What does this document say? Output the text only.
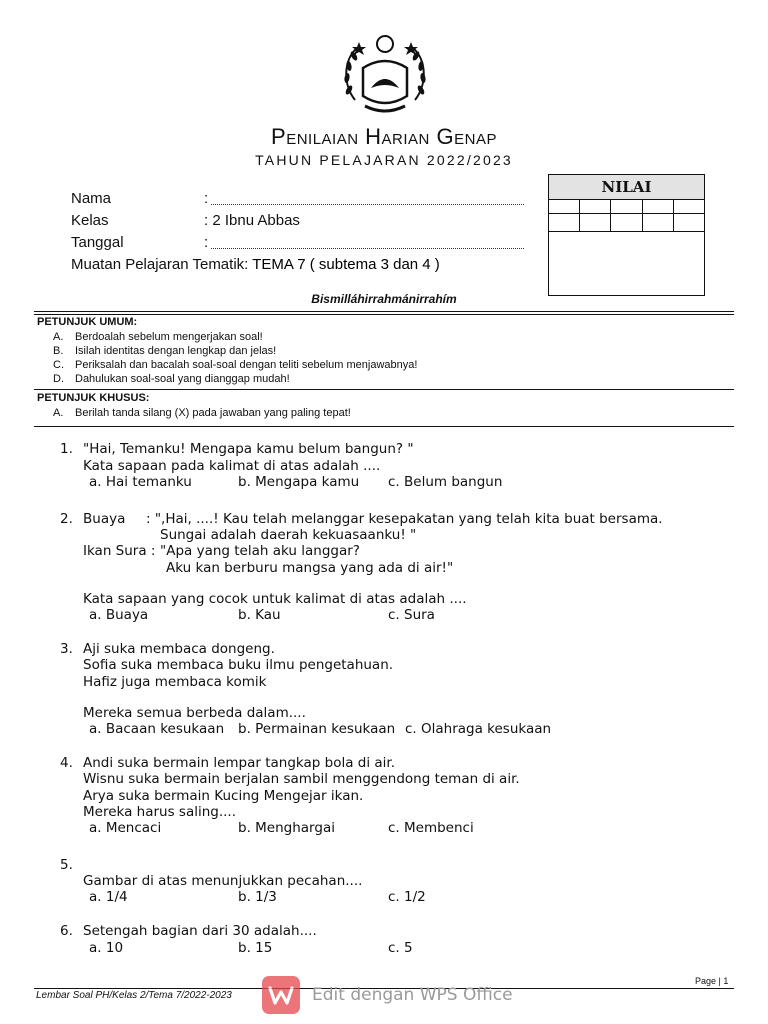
Penilaian Harian Genap
TAHUN PELAJARAN 2022/2023
Nama	:
Kelas	: 2 Ibnu Abbas
Tanggal	:
Muatan Pelajaran Tematik: TEMA 7 ( subtema 3 dan 4 )
NILAI
Bismilláhirrahmánirrahím
PETUNJUK UMUM:
A. Berdoalah sebelum mengerjakan soal!
B. Isilah identitas dengan lengkap dan jelas!
C. Periksalah dan bacalah soal-soal dengan teliti sebelum menjawabnya!
D. Dahulukan soal-soal yang dianggap mudah!
PETUNJUK KHUSUS:
A. Berilah tanda silang (X) pada jawaban yang paling tepat!
1. "Hai, Temanku! Mengapa kamu belum bangun? "
Kata sapaan pada kalimat di atas adalah ....
a. Hai temanku	b. Mengapa kamu c. Belum bangun
2. Buaya : ",Hai, ....! Kau telah melanggar kesepakatan yang telah kita buat bersama.
Sungai adalah daerah kekuasaanku! "
Ikan Sura : "Apa yang telah aku langgar?
Aku kan berburu mangsa yang ada di air!"
Kata sapaan yang cocok untuk kalimat di atas adalah ....
a. Buaya	b. Kau	c. Sura
3. Aji suka membaca dongeng.
Sofia suka membaca buku ilmu pengetahuan.
Hafiz juga membaca komik
Mereka semua berbeda dalam....
a. Bacaan kesukaan b. Permainan kesukaan c. Olahraga kesukaan
4. Andi suka bermain lempar tangkap bola di air.
Wisnu suka bermain berjalan sambil menggendong teman di air.
Arya suka bermain Kucing Mengejar ikan.
Mereka harus saling....
a. Mencaci	b. Menghargai	c. Membenci
5.
Gambar di atas menunjukkan pecahan....
a. 1/4	b. 1/3	c. 1/2
6. Setengah bagian dari 30 adalah....
a. 10	b. 15	c. 5
Page | 1
Lembar Soal PH/Kelas 2/Tema 7/2022-2023	Edit dengan WPS Office
